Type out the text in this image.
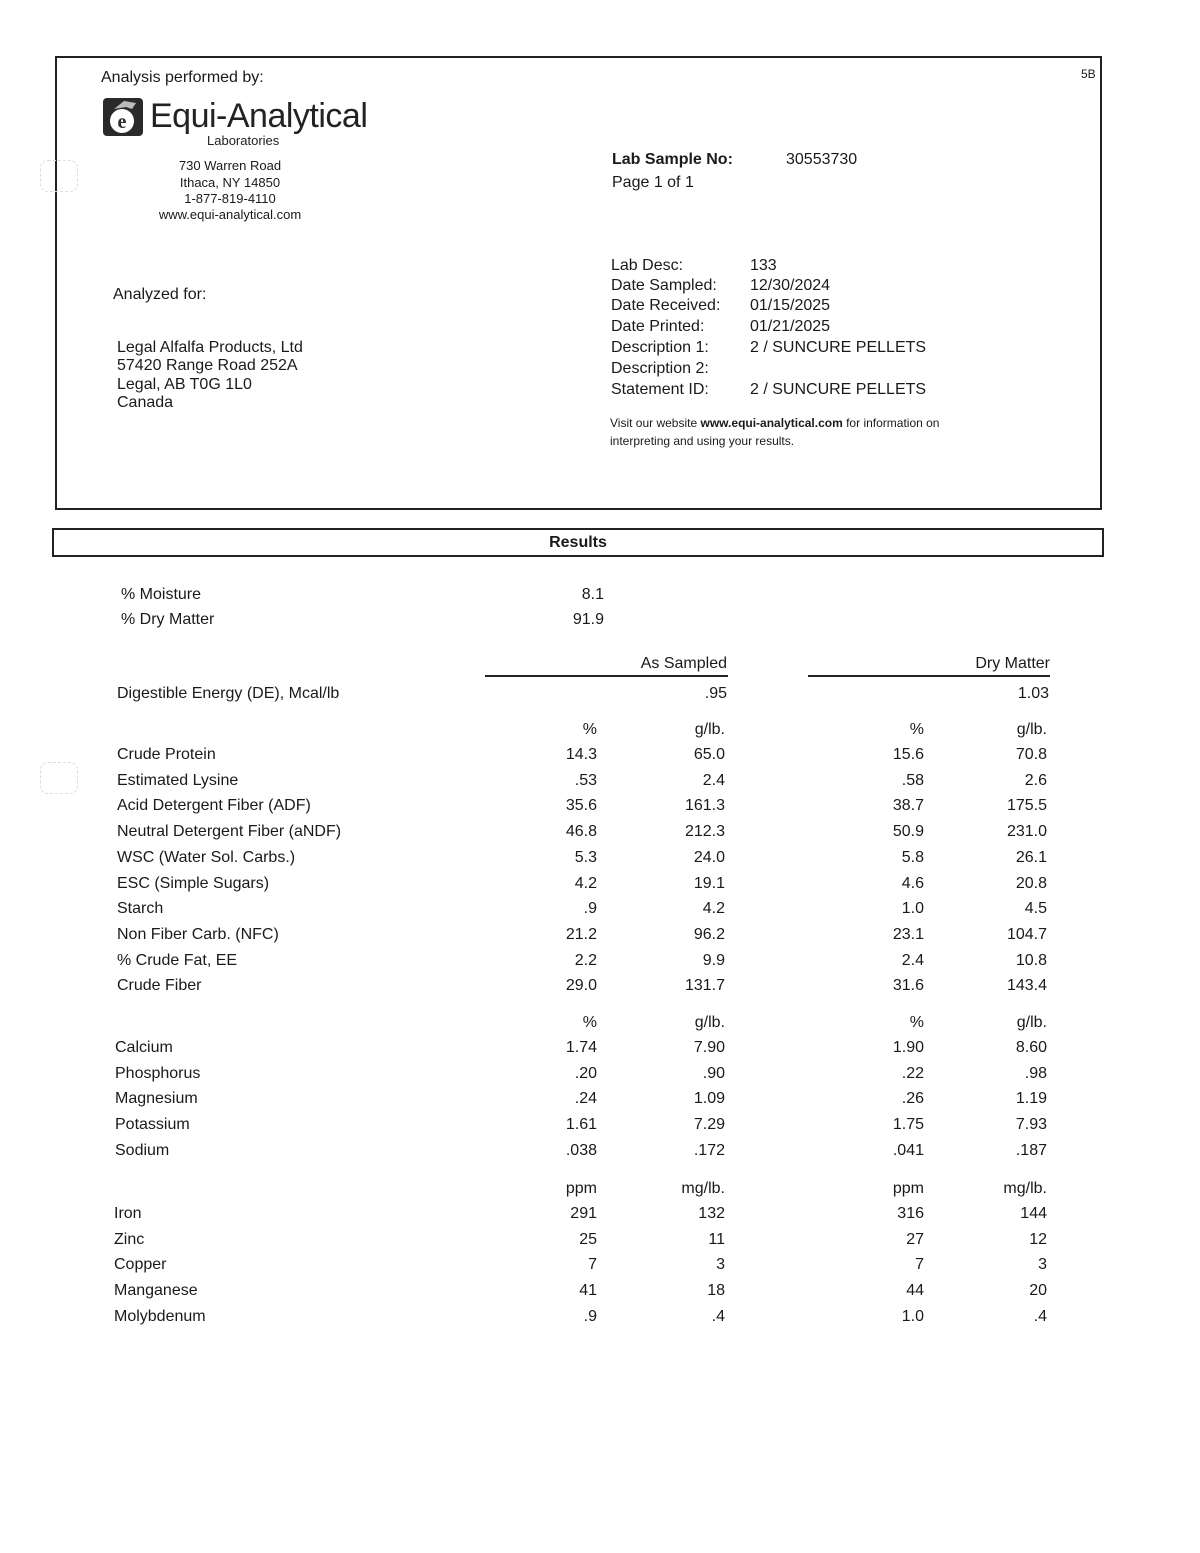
Analysis performed by:	5B
e Equi-Analytical
Laboratories
730 Warren Road
Ithaca, NY 14850
1-877-819-4110
www.equi-analytical.com
Lab Sample No:	30553730
Page 1 of 1
Analyzed for:
Legal Alfalfa Products, Ltd
57420 Range Road 252A
Legal, AB T0G 1L0
Canada
Lab Desc:	133
Date Sampled: 12/30/2024
Date Received: 01/15/2025
Date Printed:	01/21/2025
Description 1:	2 / SUNCURE PELLETS
Description 2:
Statement ID:	2 / SUNCURE PELLETS
Visit our website www.equi-analytical.com for information on
interpreting and using your results.
Results
% Moisture	8.1
% Dry Matter	91.9
As Sampled	Dry Matter
Digestible Energy (DE), Mcal/lb	.95	1.03
%	g/lb.	%	g/lb.
Crude Protein	14.3	65.0	15.6	70.8
Estimated Lysine	.53	2.4	.58	2.6
Acid Detergent Fiber (ADF)	35.6	161.3	38.7	175.5
Neutral Detergent Fiber (aNDF)	46.8	212.3	50.9	231.0
WSC (Water Sol. Carbs.)	5.3	24.0	5.8	26.1
ESC (Simple Sugars)	4.2	19.1	4.6	20.8
Starch	.9	4.2	1.0	4.5
Non Fiber Carb. (NFC)	21.2	96.2	23.1	104.7
% Crude Fat, EE	2.2	9.9	2.4	10.8
Crude Fiber	29.0	131.7	31.6	143.4
%	g/lb.	%	g/lb.
Calcium	1.74	7.90	1.90	8.60
Phosphorus	.20	.90	.22	.98
Magnesium	.24	1.09	.26	1.19
Potassium	1.61	7.29	1.75	7.93
Sodium	.038	.172	.041	.187
ppm	mg/lb.	ppm	mg/lb.
Iron	291	132	316	144
Zinc	25	11	27	12
Copper	7	3	7	3
Manganese	41	18	44	20
Molybdenum	.9	.4	1.0	.4
